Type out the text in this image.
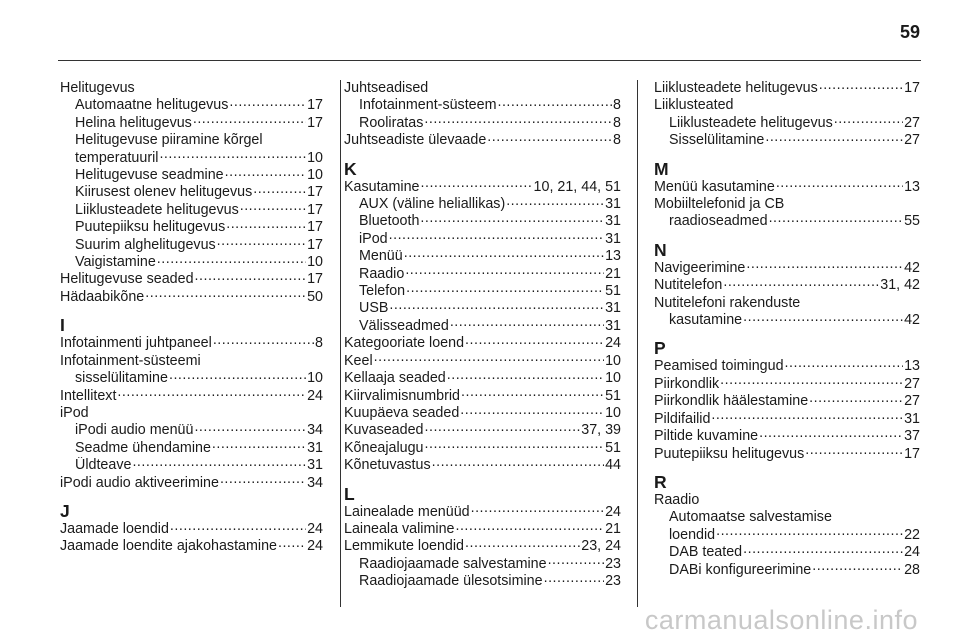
59
Helitugevus
Automaatne helitugevus .....	17
Helina helitugevus .....	17
Helitugevuse piiramine kõrgel
temperatuuril .....	10
Helitugevuse seadmine .....	10
Kiirusest olenev helitugevus .....	17
Liiklusteadete helitugevus .....	17
Puutepiiksu helitugevus .....	17
Suurim alghelitugevus .....	17
Vaigistamine .....	10
Helitugevuse seaded .....	17
Hädaabikõne .....	50
I
Infotainmenti juhtpaneel .....	8
Infotainment-süsteemi
sisselülitamine .....	10
Intellitext .....	24
iPod
iPodi audio menüü .....	34
Seadme ühendamine .....	31
Üldteave .....	31
iPodi audio aktiveerimine .....	34
J
Jaamade loendid .....	24
Jaamade loendite ajakohastamine ..... 24
Juhtseadised
Infotainment-süsteem .....	8
Rooliratas .....	8
Juhtseadiste ülevaade .....	8
K
Kasutamine .....	10, 21, 44, 51
AUX (väline heliallikas) .....	31
Bluetooth .....	31
iPod .....	31
Menüü .....	13
Raadio .....	21
Telefon .....	51
USB .....	31
Välisseadmed .....	31
Kategooriate loend .....	24
Keel .....	10
Kellaaja seaded .....	10
Kiirvalimisnumbrid .....	51
Kuupäeva seaded .....	10
Kuvaseaded .....	37, 39
Kõneajalugu .....	51
Kõnetuvastus .....	44
L
Lainealade menüüd .....	24
Laineala valimine .....	21
Lemmikute loendid .....	23, 24
Raadiojaamade salvestamine .....	23
Raadiojaamade ülesotsimine .....	23
Liiklusteadete helitugevus .....	17
Liiklusteated
Liiklusteadete helitugevus .....	27
Sisselülitamine .....	27
M
Menüü kasutamine .....	13
Mobiiltelefonid ja CB
raadioseadmed .....	55
N
Navigeerimine .....	42
Nutitelefon .....	31, 42
Nutitelefoni rakenduste
kasutamine .....	42
P
Peamised toimingud .....	13
Piirkondlik .....	27
Piirkondlik häälestamine .....	27
Pildifailid .....	31
Piltide kuvamine .....	37
Puutepiiksu helitugevus .....	17
R
Raadio
Automaatse salvestamise
loendid .....	22
DAB teated .....	24
DABi konfigureerimine .....	28
carmanualsonline.info
